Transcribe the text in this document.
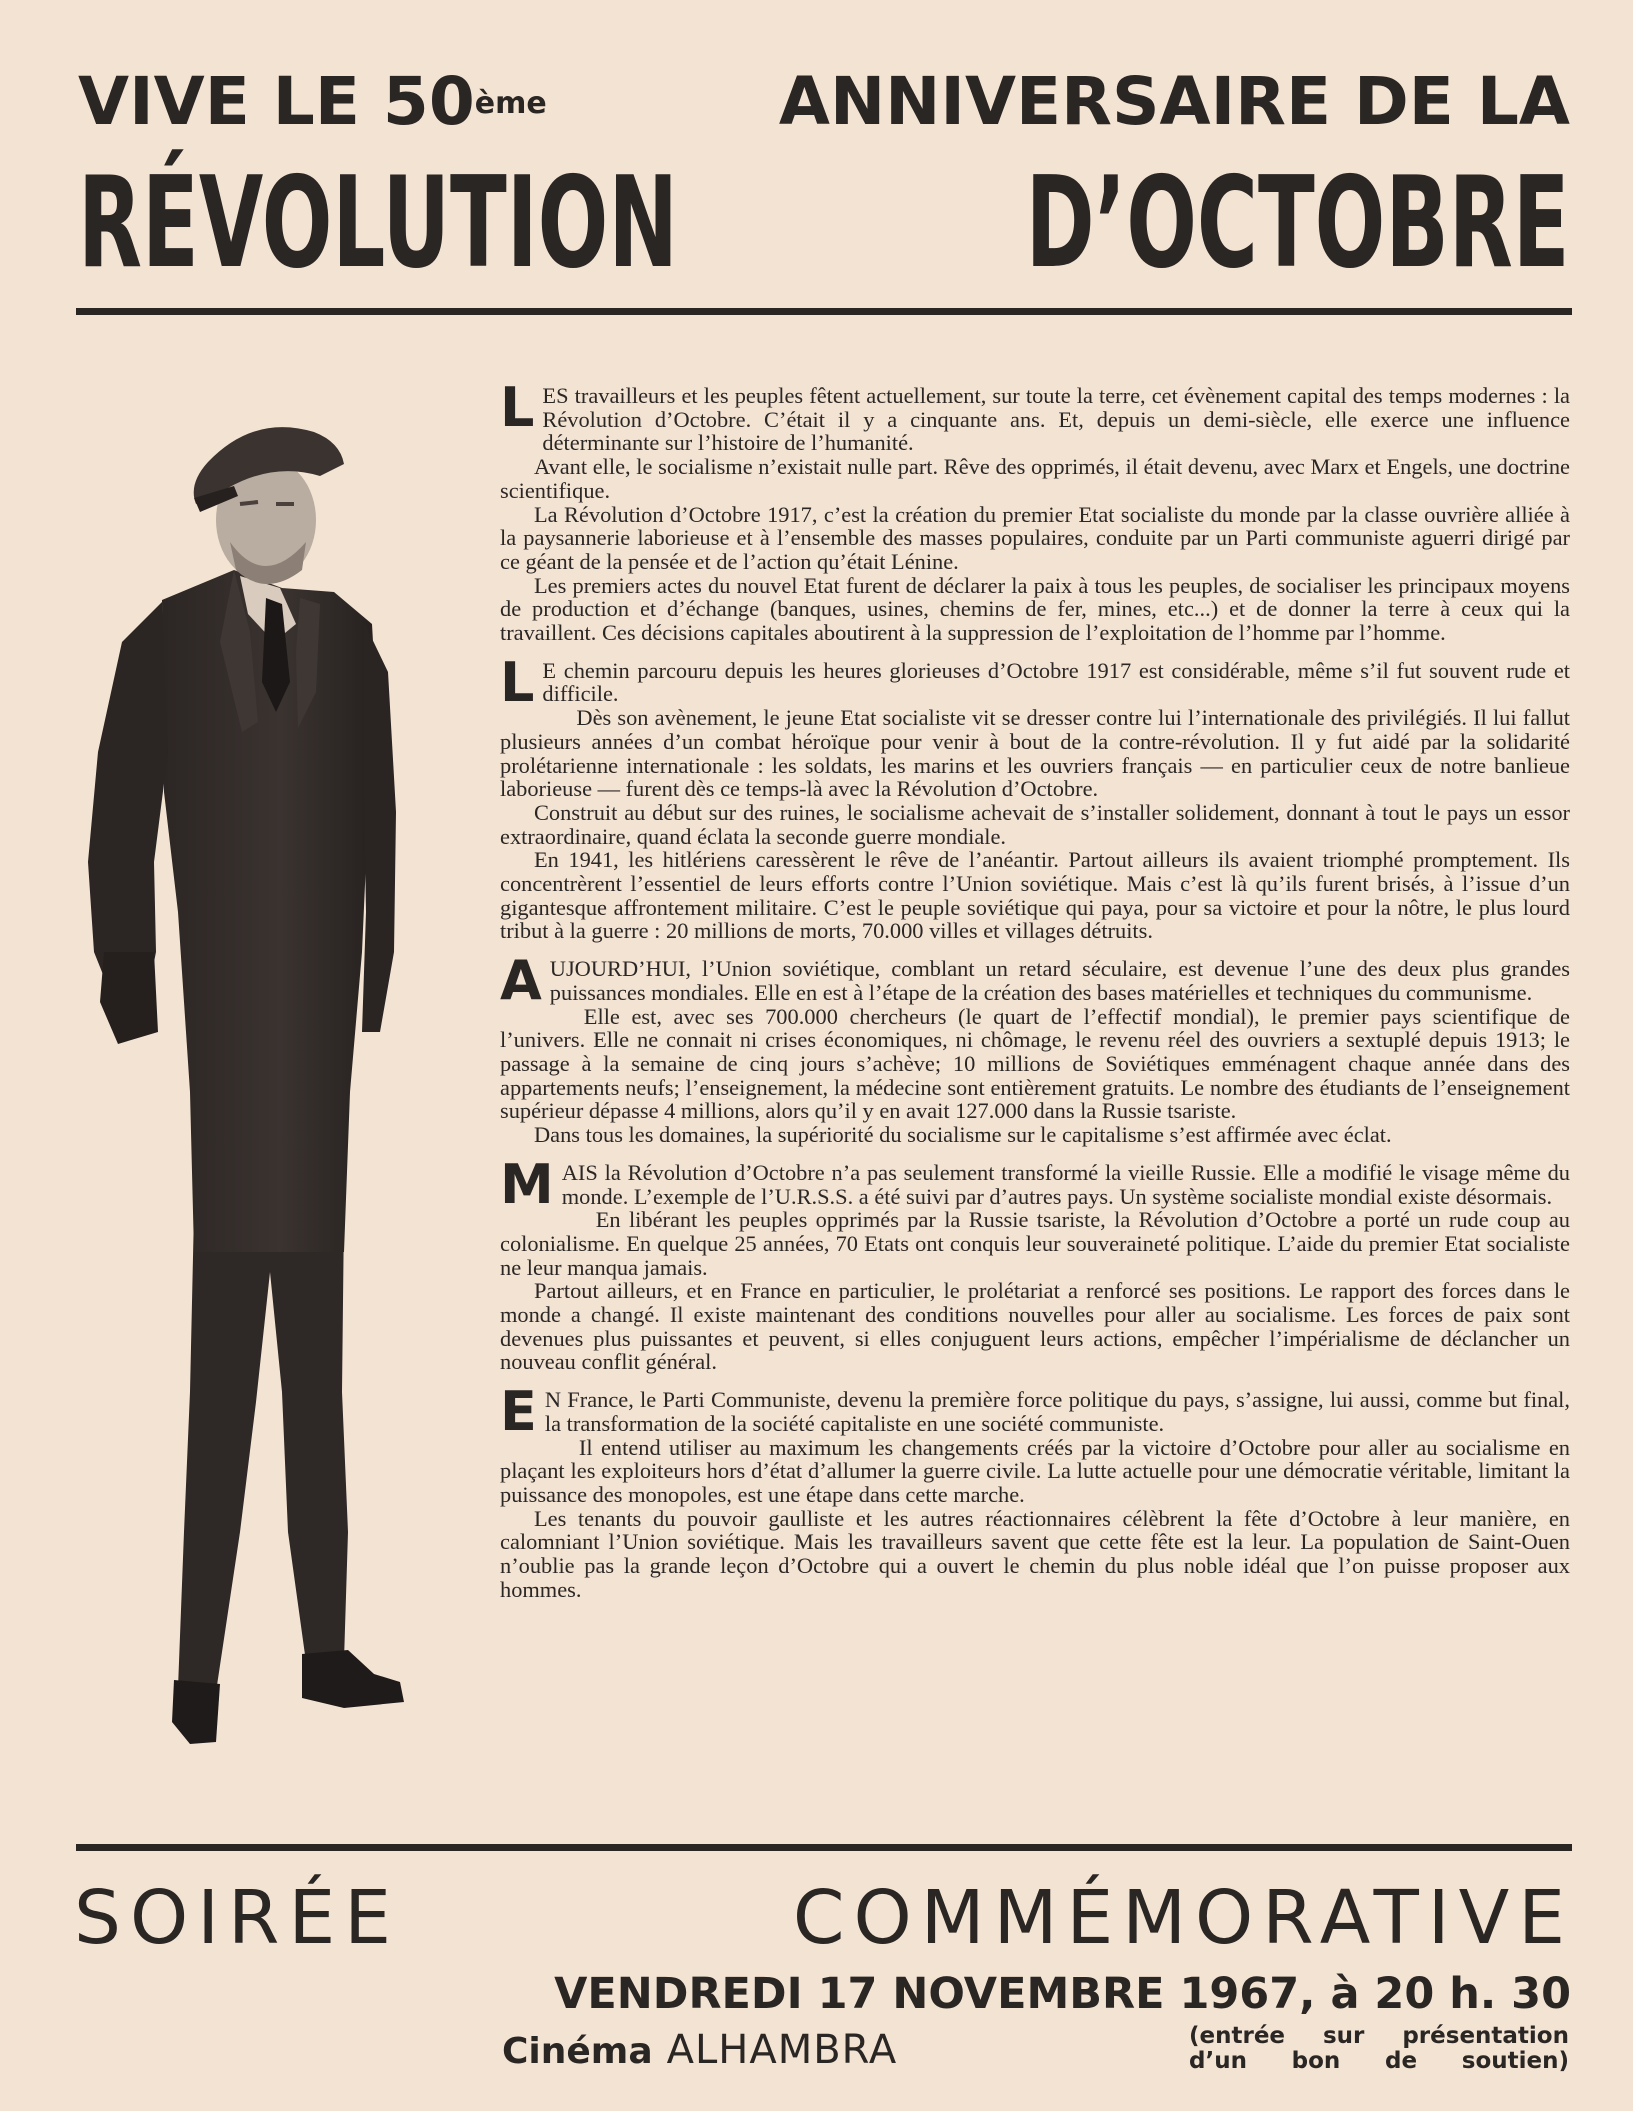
VIVE LE 50ème	ANNIVERSAIRE DE LA
RÉVOLUTION	D’OCTOBRE

LES travailleurs et les peuples fêtent actuellement, sur toute la terre, cet évènement capital des temps modernes : la Révolution d’Octobre. C’était il y a cinquante ans. Et, depuis un demi-siècle, elle exerce une influence déterminante sur l’histoire de l’humanité.

Avant elle, le socialisme n’existait nulle part. Rêve des opprimés, il était devenu, avec Marx et Engels, une doctrine scientifique.

La Révolution d’Octobre 1917, c’est la création du premier Etat socialiste du monde par la classe ouvrière alliée à la paysannerie laborieuse et à l’ensemble des masses populaires, conduite par un Parti communiste aguerri dirigé par ce géant de la pensée et de l’action qu’était Lénine.

Les premiers actes du nouvel Etat furent de déclarer la paix à tous les peuples, de socialiser les principaux moyens de production et d’échange (banques, usines, chemins de fer, mines, etc...) et de donner la terre à ceux qui la travaillent. Ces décisions capitales aboutirent à la suppression de l’exploitation de l’homme par l’homme.

L E chemin parcouru depuis les heures glorieuses d’Octobre 1917 est considérable, même s’il fut souvent rude et difficile.

Dès son avènement, le jeune Etat socialiste vit se dresser contre lui l’internationale des privilégiés. Il lui fallut plusieurs années d’un combat héroïque pour venir à bout de la contre-révolution. Il y fut aidé par la solidarité prolétarienne internationale : les soldats, les marins et les ouvriers français — en particulier ceux de notre banlieue laborieuse — furent dès ce temps-là avec la Révolution d’Octobre.

Construit au début sur des ruines, le socialisme achevait de s’installer solidement, donnant à tout le pays un essor extraordinaire, quand éclata la seconde guerre mondiale.

En 1941, les hitlériens caressèrent le rêve de l’anéantir. Partout ailleurs ils avaient triomphé promptement. Ils concentrèrent l’essentiel de leurs efforts contre l’Union soviétique. Mais c’est là qu’ils furent brisés, à l’issue d’un gigantesque affrontement militaire. C’est le peuple soviétique qui paya, pour sa victoire et pour la nôtre, le plus lourd tribut à la guerre : 20 millions de morts, 70.000 villes et villages détruits.

AUJOURD’HUI, l’Union soviétique, comblant un retard séculaire, est devenue l’une des deux plus grandes puissances mondiales. Elle en est à l’étape de la création des bases matérielles et techniques du communisme.

Elle est, avec ses 700.000 chercheurs (le quart de l’effectif mondial), le premier pays scientifique de l’univers. Elle ne connait ni crises économiques, ni chômage, le revenu réel des ouvriers a sextuplé depuis 1913; le passage à la semaine de cinq jours s’achève; 10 millions de Soviétiques emménagent chaque année dans des appartements neufs; l’enseignement, la médecine sont entièrement gratuits. Le nombre des étudiants de l’enseignement supérieur dépasse 4 millions, alors qu’il y en avait 127.000 dans la Russie tsariste.

Dans tous les domaines, la supériorité du socialisme sur le capitalisme s’est affirmée avec éclat.

MAIS la Révolution d’Octobre n’a pas seulement transformé la vieille Russie. Elle a modifié le visage même du monde. L’exemple de l’U.R.S.S. a été suivi par d’autres pays. Un système socialiste mondial existe désormais.

En libérant les peuples opprimés par la Russie tsariste, la Révolution d’Octobre a porté un rude coup au colonialisme. En quelque 25 années, 70 Etats ont conquis leur souveraineté politique. L’aide du premier Etat socialiste ne leur manqua jamais.

Partout ailleurs, et en France en particulier, le prolétariat a renforcé ses positions. Le rapport des forces dans le monde a changé. Il existe maintenant des conditions nouvelles pour aller au socialisme. Les forces de paix sont devenues plus puissantes et peuvent, si elles conjuguent leurs actions, empêcher l’impérialisme de déclancher un nouveau conflit général.

E N France, le Parti Communiste, devenu la première force politique du pays, s’assigne, lui aussi, comme but final, la transformation de la société capitaliste en une société communiste.

Il entend utiliser au maximum les changements créés par la victoire d’Octobre pour aller au socialisme en plaçant les exploiteurs hors d’état d’allumer la guerre civile. La lutte actuelle pour une démocratie véritable, limitant la puissance des monopoles, est une étape dans cette marche.

Les tenants du pouvoir gaulliste et les autres réactionnaires célèbrent la fête d’Octobre à leur manière, en calomniant l’Union soviétique. Mais les travailleurs savent que cette fête est la leur. La population de Saint-Ouen n’oublie pas la grande leçon d’Octobre qui a ouvert le chemin du plus noble idéal que l’on puisse proposer aux hommes.

SOIRÉE	COMMÉMORATIVE
VENDREDI 17 NOVEMBRE 1967, à 20 h. 30
Cinéma ALHAMBRA	(entrée sur présentation
d’un bon de soutien)
